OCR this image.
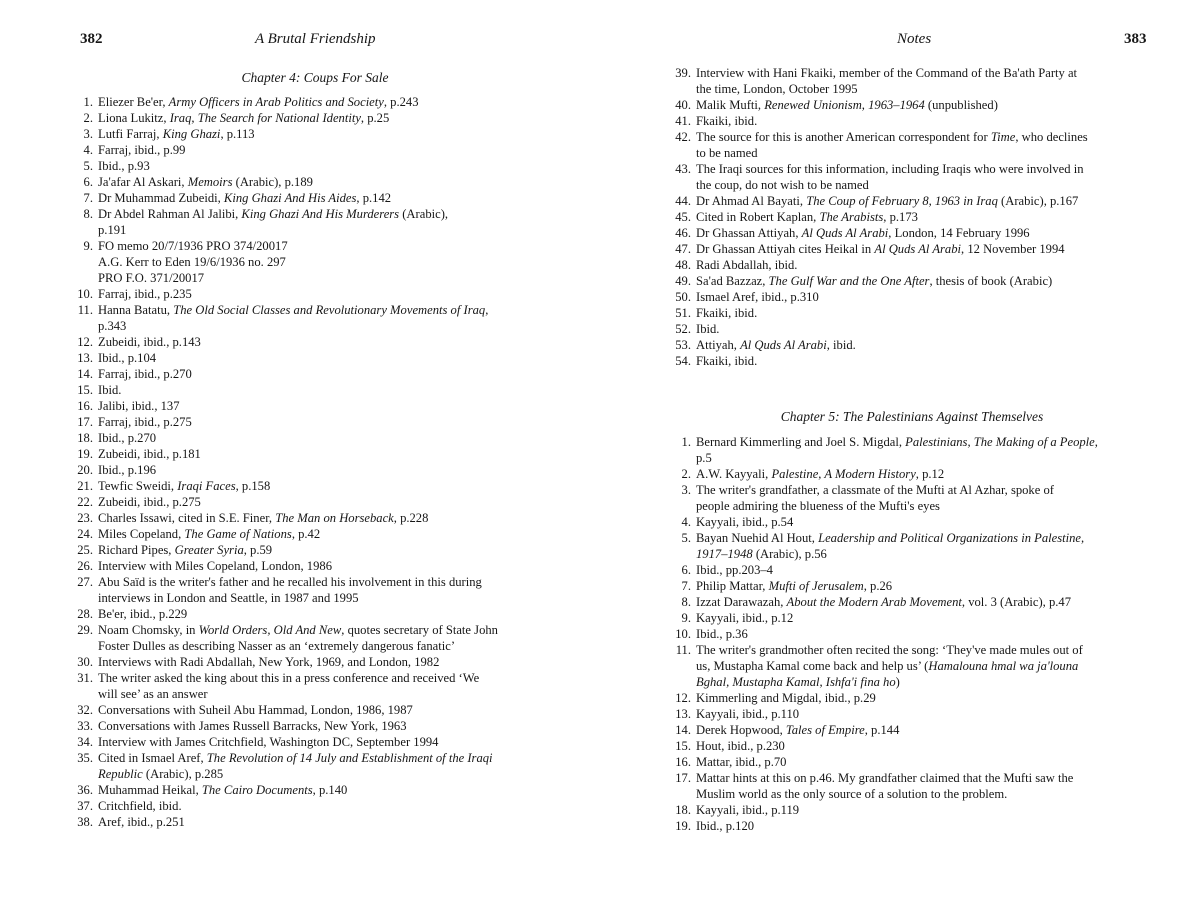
382	A Brutal Friendship
Chapter 4: Coups For Sale
1. Eliezer Be'er, Army Officers in Arab Politics and Society, p.243
2. Liona Lukitz, Iraq, The Search for National Identity, p.25
3. Lutfi Farraj, King Ghazi, p.113
4. Farraj, ibid., p.99
5. Ibid., p.93
6. Ja'afar Al Askari, Memoirs (Arabic), p.189
7. Dr Muhammad Zubeidi, King Ghazi And His Aides, p.142
8. Dr Abdel Rahman Al Jalibi, King Ghazi And His Murderers (Arabic),
p.191
9. FO memo 20/7/1936 PRO 374/20017
A.G. Kerr to Eden 19/6/1936 no. 297
PRO F.O. 371/20017
10. Farraj, ibid., p.235
11. Hanna Batatu, The Old Social Classes and Revolutionary Movements of Iraq,
p.343
12. Zubeidi, ibid., p.143
13. Ibid., p.104
14. Farraj, ibid., p.270
15. Ibid.
16. Jalibi, ibid., 137
17. Farraj, ibid., p.275
18. Ibid., p.270
19. Zubeidi, ibid., p.181
20. Ibid., p.196
21. Tewfic Sweidi, Iraqi Faces, p.158
22. Zubeidi, ibid., p.275
23. Charles Issawi, cited in S.E. Finer, The Man on Horseback, p.228
24. Miles Copeland, The Game of Nations, p.42
25. Richard Pipes, Greater Syria, p.59
26. Interview with Miles Copeland, London, 1986
27. Abu Saïd is the writer's father and he recalled his involvement in this during
interviews in London and Seattle, in 1987 and 1995
28. Be'er, ibid., p.229
29. Noam Chomsky, in World Orders, Old And New, quotes secretary of State John
Foster Dulles as describing Nasser as an ‘extremely dangerous fanatic’
30. Interviews with Radi Abdallah, New York, 1969, and London, 1982
31. The writer asked the king about this in a press conference and received ‘We
will see’ as an answer
32. Conversations with Suheil Abu Hammad, London, 1986, 1987
33. Conversations with James Russell Barracks, New York, 1963
34. Interview with James Critchfield, Washington DC, September 1994
35. Cited in Ismael Aref, The Revolution of 14 July and Establishment of the Iraqi
Republic (Arabic), p.285
36. Muhammad Heikal, The Cairo Documents, p.140
37. Critchfield, ibid.
38. Aref, ibid., p.251
Notes	383
39. Interview with Hani Fkaiki, member of the Command of the Ba'ath Party at
the time, London, October 1995
40. Malik Mufti, Renewed Unionism, 1963–1964 (unpublished)
41. Fkaiki, ibid.
42. The source for this is another American correspondent for Time, who declines
to be named
43. The Iraqi sources for this information, including Iraqis who were involved in
the coup, do not wish to be named
44. Dr Ahmad Al Bayati, The Coup of February 8, 1963 in Iraq (Arabic), p.167
45. Cited in Robert Kaplan, The Arabists, p.173
46. Dr Ghassan Attiyah, Al Quds Al Arabi, London, 14 February 1996
47. Dr Ghassan Attiyah cites Heikal in Al Quds Al Arabi, 12 November 1994
48. Radi Abdallah, ibid.
49. Sa'ad Bazzaz, The Gulf War and the One After, thesis of book (Arabic)
50. Ismael Aref, ibid., p.310
51. Fkaiki, ibid.
52. Ibid.
53. Attiyah, Al Quds Al Arabi, ibid.
54. Fkaiki, ibid.
Chapter 5: The Palestinians Against Themselves
1. Bernard Kimmerling and Joel S. Migdal, Palestinians, The Making of a People,
p.5
2. A.W. Kayyali, Palestine, A Modern History, p.12
3. The writer's grandfather, a classmate of the Mufti at Al Azhar, spoke of
people admiring the blueness of the Mufti's eyes
4. Kayyali, ibid., p.54
5. Bayan Nuehid Al Hout, Leadership and Political Organizations in Palestine,
1917–1948 (Arabic), p.56
6. Ibid., pp.203–4
7. Philip Mattar, Mufti of Jerusalem, p.26
8. Izzat Darawazah, About the Modern Arab Movement, vol. 3 (Arabic), p.47
9. Kayyali, ibid., p.12
10. Ibid., p.36
11. The writer's grandmother often recited the song: ‘They've made mules out of
us, Mustapha Kamal come back and help us’ (Hamalouna hmal wa ja'louna
Bghal, Mustapha Kamal, Ishfa'i fina ho)
12. Kimmerling and Migdal, ibid., p.29
13. Kayyali, ibid., p.110
14. Derek Hopwood, Tales of Empire, p.144
15. Hout, ibid., p.230
16. Mattar, ibid., p.70
17. Mattar hints at this on p.46. My grandfather claimed that the Mufti saw the
Muslim world as the only source of a solution to the problem.
18. Kayyali, ibid., p.119
19. Ibid., p.120
